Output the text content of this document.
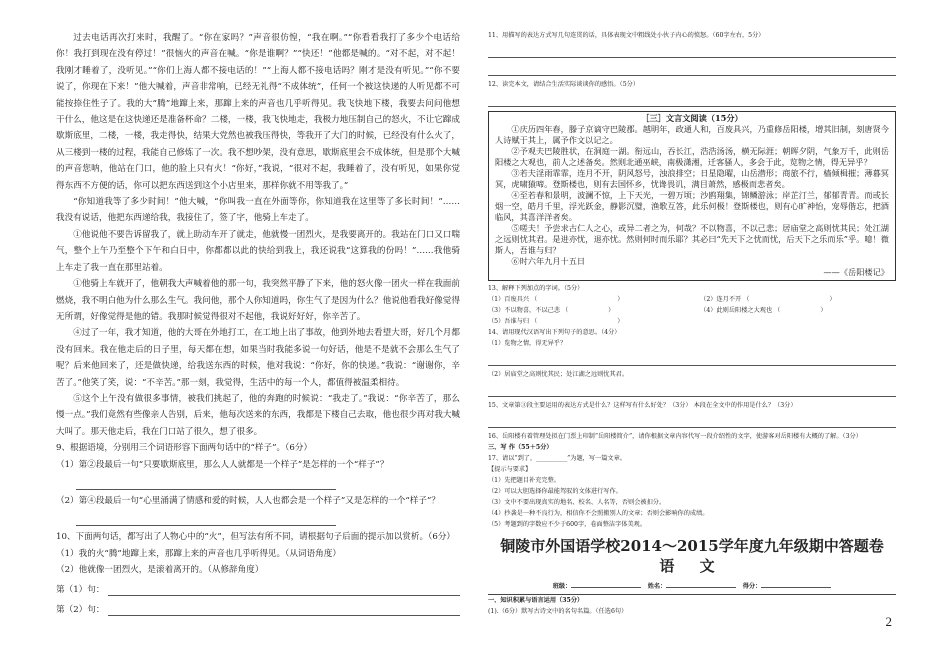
过去电话再次打来时，我醒了。“你在家吗？”声音很仿惶，“我在啊。”“你看看我打了多少个电话给你！我打到现在没有停过！”很恼火的声音在喊。“你是谁啊？”“快还！”他都是喊的。“对不起，对不起！我刚才睡着了，没听见。”“你们上海人都不接电话的！”“上海人都不接电话吗？刚才是没有听见。”“你不要说了，你现在下来！”他大喊着，声音非常响，已经无礼得“不成体统”，任何一个被这快递的人听见都不可能按捺住性子了。我的大“腾”地蹿上来，那蹿上来的声音也几乎听得见。我飞快地下楼，我要去问问他想干什么，他这是在这快递还是准备杯命？二楼，一楼，我飞快地走，我极力地压制自己的怒火，不让它蹿成歇斯底里，二楼，一楼，我走得快，结果大党然也被我压得快，等我开了大门的时候，已经没有什么火了，从三楼到一楼的过程，我能自己修炼了一次。我不想吵架，没有意思，歇斯底里会不成体统，但是那个大喊的声音您呐，他站在门口，他的脸上只有火！“你好，”我说，“很对不起，我睡着了，没有听见，如果你觉得东西不方便的话，你可以把东西送到这个小店里来，那样你就不用等我了。”

“你知道我等了多少时间！”他大喊，“你叫我一直在外面等你，你知道我在这里等了多长时间！”……我没有说话，他把东西递给我，我接住了，签了字，他骑上车走了。

①他说他不要告诉留我了，就上助动车开了就走，他就慢一团烈火，是我要离开的。我站在门口又口喘气，整个上午乃至整个下午和白日中，你都都以此的快给到我上，我还说我“这算我的份吗！”……我他骑上车走了我一直在那里站着。

①他骑上车就开了，他朝我大声喊着他的那一句，我突然平静了下来，他的怒火像一团火一样在我面前燃烧，我不明白他为什么那么生气。我问他，那个人你知道吗，你生气了是因为什么？他说他看我好像觉得无所谓，好像觉得是他的错。我那时候觉得很对不起他，我说好好好，你辛苦了。

④过了一年，我才知道，他的大哥在外地打工，在工地上出了事故，他到外地去看望大哥，好几个月都没有回来。我在他走后的日子里，每天都在想，如果当时我能多说一句好话，他是不是就不会那么生气了呢？后来他回来了，还是做快递，给我送东西的时候，他对我说：“你好，你的快递。”我说：“谢谢你，辛苦了。”他笑了笑，说：“不辛苦。”那一刻，我觉得，生活中的每一个人，都值得被温柔相待。

⑤这个上午没有做很多事情，被我们挑起了，他的奔跑的时候说：“我走了。”我说：“你辛苦了，那么慢一点。”我们竟然有些像亲人告别，后来，他每次送来的东西，我都是下楼自己去取，他也很少再对我大喊大叫了。那天他走后，我在门口站了很久，想了很多。

9、根据语境，分别用三个词语形容下面两句话中的“样子”。（6分）

（1）第②段最后一句“只要歇斯底里，那么人人就都是一个样子”是怎样的一个“样子”？

（2）第④段最后一句“心里涌满了情感和爱的时候，人人也都会是一个样子”又是怎样的一个“样子”？

10、下面两句话，都写出了人物心中的“火”，但写法有所不同，请根据句子后面的提示加以赏析。（6分）

（1）我的火“腾”地蹿上来，那蹿上来的声音也几乎听得见。（从词语角度）

（2）他就像一团烈火，是滚着离开的。（从修辞角度）

第（1）句：
第（2）句：

11、用描写的表达方式写几句连贯的话，具体表现文中粗线处小伙子内心的愤怒。（60字左右，5分）

12、读完本文，请结合生活实际谈谈你的感悟。（5分）

［三］文言文阅读（15分）

①庆历四年春，滕子京谪守巴陵郡。越明年，政通人和，百废具兴，乃重修岳阳楼，增其旧制，刻唐贤今人诗赋于其上，属予作文以记之。

②予观夫巴陵胜状，在洞庭一湖。衔远山，吞长江，浩浩汤汤，横无际涯；朝晖夕阴，气象万千，此则岳阳楼之大观也，前人之述备矣。然则北通巫峡，南极潇湘，迁客骚人，多会于此，览物之情，得无异乎？

③若夫淫雨霏霏，连月不开，阴风怒号，浊浪排空；日星隐曜，山岳潜形；商旅不行，樯倾楫摧；薄暮冥冥，虎啸猿啼。登斯楼也，则有去国怀乡，忧谗畏讥，满目萧然，感极而悲者矣。

④至若春和景明，波澜不惊，上下天光，一碧万顷；沙鸥翔集，锦鳞游泳；岸芷汀兰，郁郁青青。而或长烟一空，皓月千里，浮光跃金，静影沉璧，渔歌互答，此乐何极！登斯楼也，则有心旷神怡，宠辱偕忘，把酒临风，其喜洋洋者矣。

⑤嗟夫！予尝求古仁人之心，或异二者之为，何哉？不以物喜，不以己悲；居庙堂之高则忧其民；处江湖之远则忧其君。是进亦忧，退亦忧。然则何时而乐耶？其必曰“先天下之忧而忧，后天下之乐而乐”乎。噫！微斯人，吾谁与归？

⑥时六年九月十五日

——《岳阳楼记》

13、解释下列加点的字词。（5分）

（1）百废具兴 （	）	（2）连月不开 （	）
（3）不以物喜，不以己悲 （	）	（4）此则岳阳楼之大观也 （	）
（5）吾谁与归 （	）

14、请用现代汉语写出下列句子的意思。（4分）

（1）览物之情，得无异乎？

（2）居庙堂之高则忧其民；处江湖之远则忧其君。

15、文章第③段主要运用的表达方式是什么？这样写有什么好处？（3分） 本段在全文中的作用是什么？（3分）

16、岳阳楼有着管理处拟在门票上印制“岳阳楼简介”，请你根据文章内容代写一段介绍性的文字，使游客对岳阳楼有大概的了解。（3分）

三、写 作（55＋5分）

17、请以“到了，__________”为题，写一篇文章。

【提示与要求】

（1）先把题目补充完整。

（2）可以大胆选择你最能驾驭的文体进行写作。

（3）文中不要出现真实的地名、校名、人名等，否则会被扣分。

（4）抄袭是一种不良行为，相信你不会照搬别人的文章；否则会影响你的成绩。

（5）考题到的字数应不少于600字，卷面整洁字体美观。

铜陵市外国语学校2014～2015学年度九年级期中答题卷

语 文

班级：	姓名：	得分：

一、知识积累与语言运用（35分）

(1).（6分）默写古诗文中的名句名篇。（任选6句）

2
